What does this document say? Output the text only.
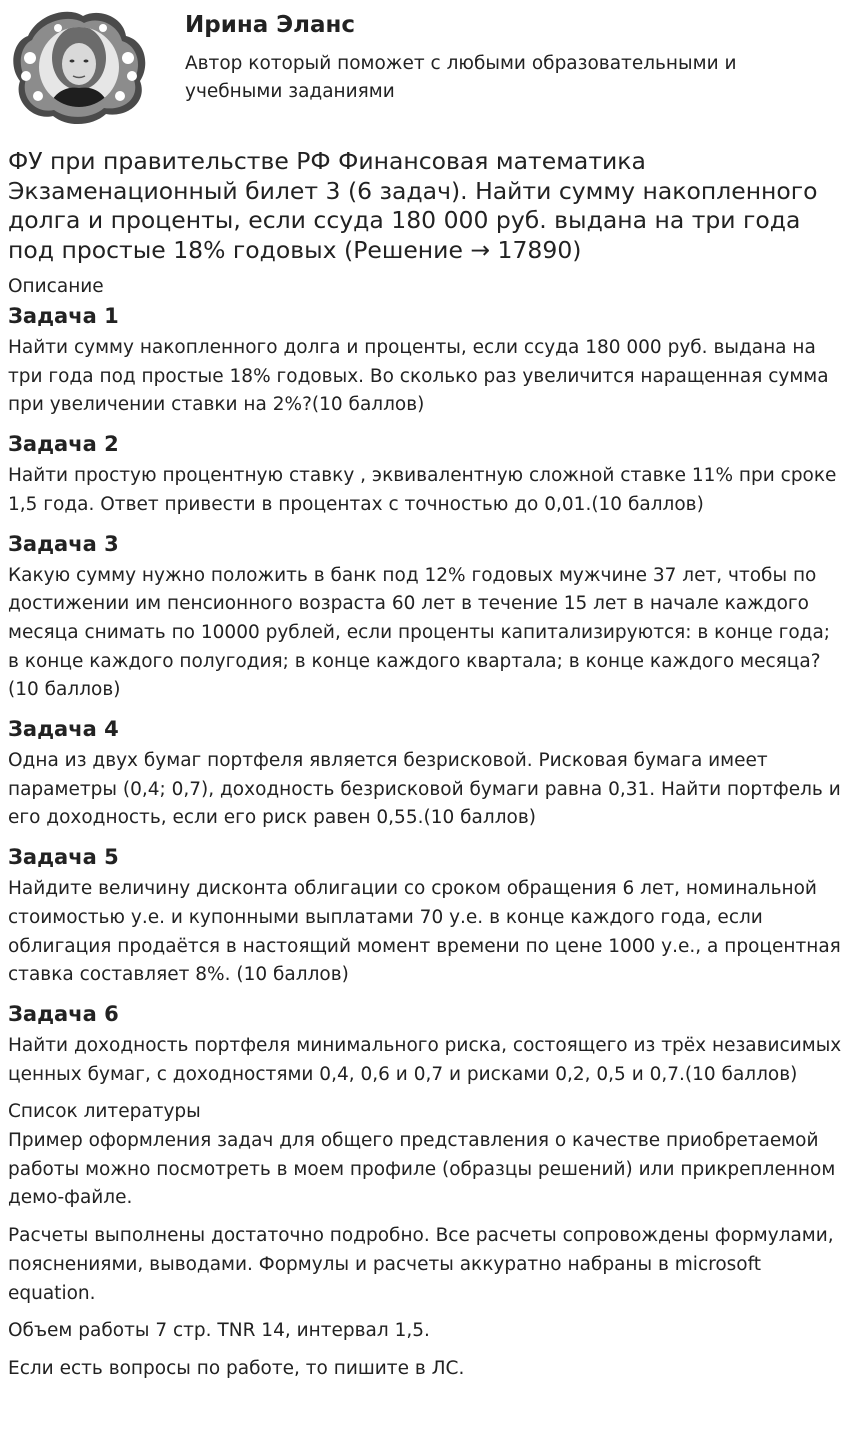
Ирина Эланс
Автор который поможет с любыми образовательными и учебными заданиями
ФУ при правительстве РФ Финансовая математика Экзаменационный билет 3 (6 задач). Найти сумму накопленного долга и проценты, если ссуда 180 000 руб. выдана на три года под простые 18% годовых (Решение → 17890)
Описание
Задача 1
Найти сумму накопленного долга и проценты, если ссуда 180 000 руб. выдана на три года под простые 18% годовых. Во сколько раз увеличится наращенная сумма при увеличении ставки на 2%?(10 баллов)
Задача 2
Найти простую процентную ставку , эквивалентную сложной ставке 11% при сроке 1,5 года. Ответ привести в процентах с точностью до 0,01.(10 баллов)
Задача 3
Какую сумму нужно положить в банк под 12% годовых мужчине 37 лет, чтобы по достижении им пенсионного возраста 60 лет в течение 15 лет в начале каждого месяца снимать по 10000 рублей, если проценты капитализируются: в конце года; в конце каждого полугодия; в конце каждого квартала; в конце каждого месяца?(10 баллов)
Задача 4
Одна из двух бумаг портфеля является безрисковой. Рисковая бумага имеет параметры (0,4; 0,7), доходность безрисковой бумаги равна 0,31. Найти портфель и его доходность, если его риск равен 0,55.(10 баллов)
Задача 5
Найдите величину дисконта облигации со сроком обращения 6 лет, номинальной стоимостью у.е. и купонными выплатами 70 у.е. в конце каждого года, если облигация продаётся в настоящий момент времени по цене 1000 у.е., а процентная ставка составляет 8%. (10 баллов)
Задача 6
Найти доходность портфеля минимального риска, состоящего из трёх независимых ценных бумаг, с доходностями 0,4, 0,6 и 0,7 и рисками 0,2, 0,5 и 0,7.(10 баллов)
Список литературы
Пример оформления задач для общего представления о качестве приобретаемой работы можно посмотреть в моем профиле (образцы решений) или прикрепленном демо-файле.
Расчеты выполнены достаточно подробно. Все расчеты сопровождены формулами, пояснениями, выводами. Формулы и расчеты аккуратно набраны в microsoft equation.
Объем работы 7 стр. TNR 14, интервал 1,5.
Если есть вопросы по работе, то пишите в ЛС.
